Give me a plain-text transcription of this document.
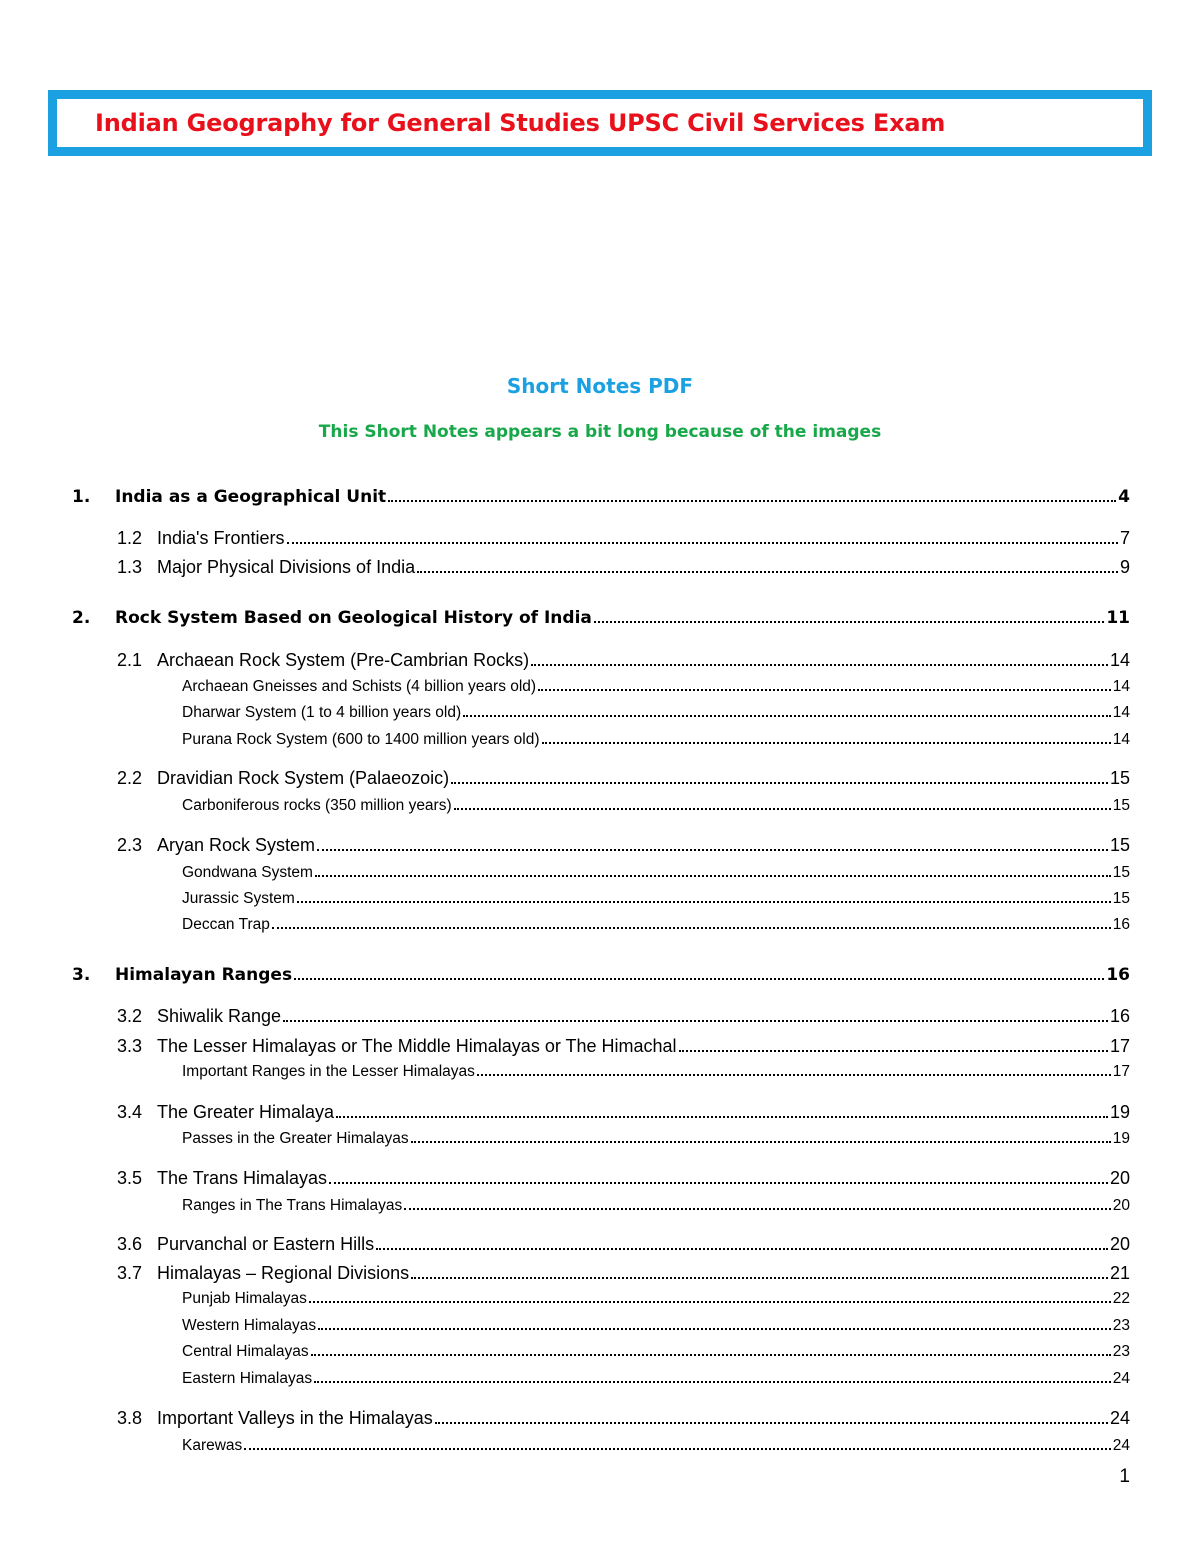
Indian Geography for General Studies UPSC Civil Services Exam
Short Notes PDF
This Short Notes appears a bit long because of the images
1.	India as a Geographical Unit	4
1.2 India's Frontiers	7
1.3 Major Physical Divisions of India	9
2.	Rock System Based on Geological History of India	11
2.1 Archaean Rock System (Pre-Cambrian Rocks)	14
Archaean Gneisses and Schists (4 billion years old)	14
Dharwar System (1 to 4 billion years old)	14
Purana Rock System (600 to 1400 million years old)	14
2.2 Dravidian Rock System (Palaeozoic)	15
Carboniferous rocks (350 million years)	15
2.3 Aryan Rock System	15
Gondwana System	15
Jurassic System	15
Deccan Trap	16
3.	Himalayan Ranges	16
3.2 Shiwalik Range	16
3.3 The Lesser Himalayas or The Middle Himalayas or The Himachal	17
Important Ranges in the Lesser Himalayas	17
3.4 The Greater Himalaya	19
Passes in the Greater Himalayas	19
3.5 The Trans Himalayas	20
Ranges in The Trans Himalayas	20
3.6 Purvanchal or Eastern Hills	20
3.7 Himalayas – Regional Divisions	21
Punjab Himalayas	22
Western Himalayas	23
Central Himalayas	23
Eastern Himalayas	24
3.8 Important Valleys in the Himalayas	24
Karewas	24
1
